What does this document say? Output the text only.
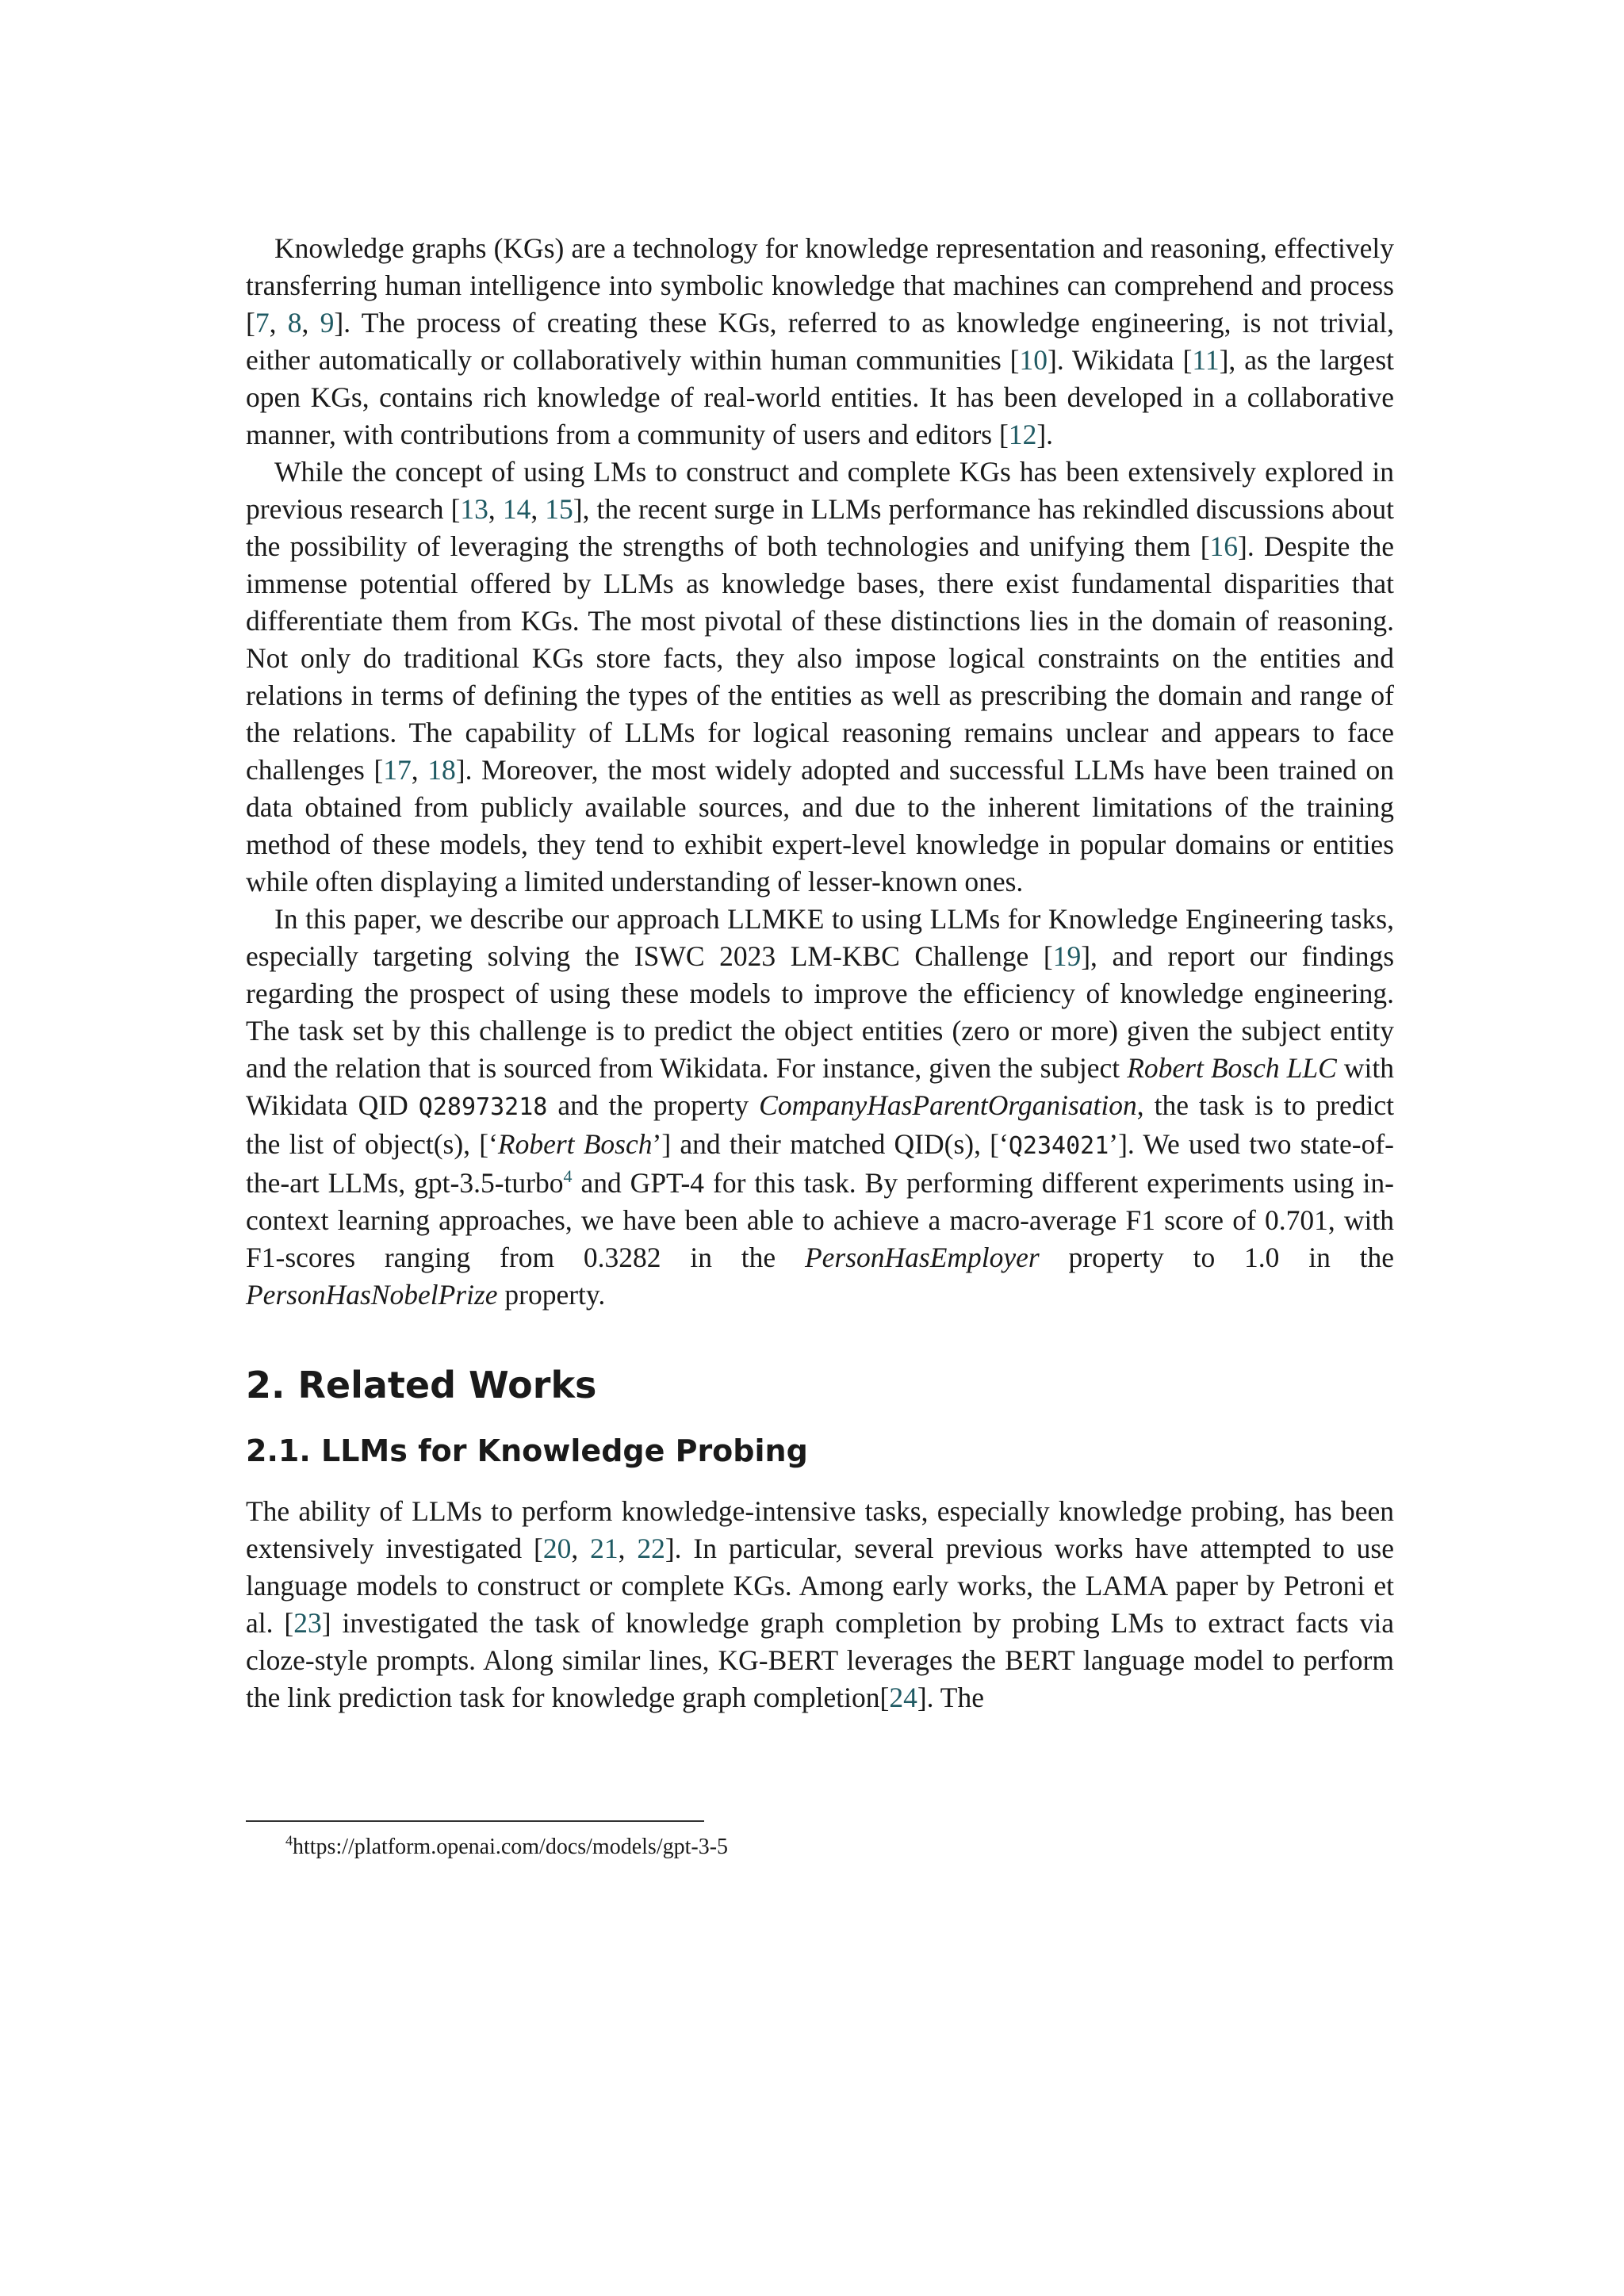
Knowledge graphs (KGs) are a technology for knowledge representation and reasoning, effectively transferring human intelligence into symbolic knowledge that machines can comprehend and process [7, 8, 9]. The process of creating these KGs, referred to as knowledge engineering, is not trivial, either automatically or collaboratively within human communities [10]. Wikidata [11], as the largest open KGs, contains rich knowledge of real-world entities. It has been developed in a collaborative manner, with contributions from a community of users and editors [12].

While the concept of using LMs to construct and complete KGs has been extensively explored in previous research [13, 14, 15], the recent surge in LLMs performance has rekindled discussions about the possibility of leveraging the strengths of both technologies and unifying them [16]. Despite the immense potential offered by LLMs as knowledge bases, there exist fundamental disparities that differentiate them from KGs. The most pivotal of these distinctions lies in the domain of reasoning. Not only do traditional KGs store facts, they also impose logical constraints on the entities and relations in terms of defining the types of the entities as well as prescribing the domain and range of the relations. The capability of LLMs for logical reasoning remains unclear and appears to face challenges [17, 18]. Moreover, the most widely adopted and successful LLMs have been trained on data obtained from publicly available sources, and due to the inherent limitations of the training method of these models, they tend to exhibit expert-level knowledge in popular domains or entities while often displaying a limited understanding of lesser-known ones.

In this paper, we describe our approach LLMKE to using LLMs for Knowledge Engineering tasks, especially targeting solving the ISWC 2023 LM-KBC Challenge [19], and report our findings regarding the prospect of using these models to improve the efficiency of knowledge engineering. The task set by this challenge is to predict the object entities (zero or more) given the subject entity and the relation that is sourced from Wikidata. For instance, given the subject Robert Bosch LLC with Wikidata QID Q28973218 and the property CompanyHasParentOrganisation, the task is to predict the list of object(s), [‘Robert Bosch’] and their matched QID(s), [‘Q234021’]. We used two state-of-the-art LLMs, gpt-3.5-turbo$^4$ and GPT-4 for this task. By performing different experiments using in-context learning approaches, we have been able to achieve a macro-average F1 score of 0.701, with F1-scores ranging from 0.3282 in the PersonHasEmployer property to 1.0 in the PersonHasNobelPrize property.

2. Related Works
2.1. LLMs for Knowledge Probing

The ability of LLMs to perform knowledge-intensive tasks, especially knowledge probing, has been extensively investigated [20, 21, 22]. In particular, several previous works have attempted to use language models to construct or complete KGs. Among early works, the LAMA paper by Petroni et al. [23] investigated the task of knowledge graph completion by probing LMs to extract facts via cloze-style prompts. Along similar lines, KG-BERT leverages the BERT language model to perform the link prediction task for knowledge graph completion[24]. The

$^4$https://platform.openai.com/docs/models/gpt-3-5
